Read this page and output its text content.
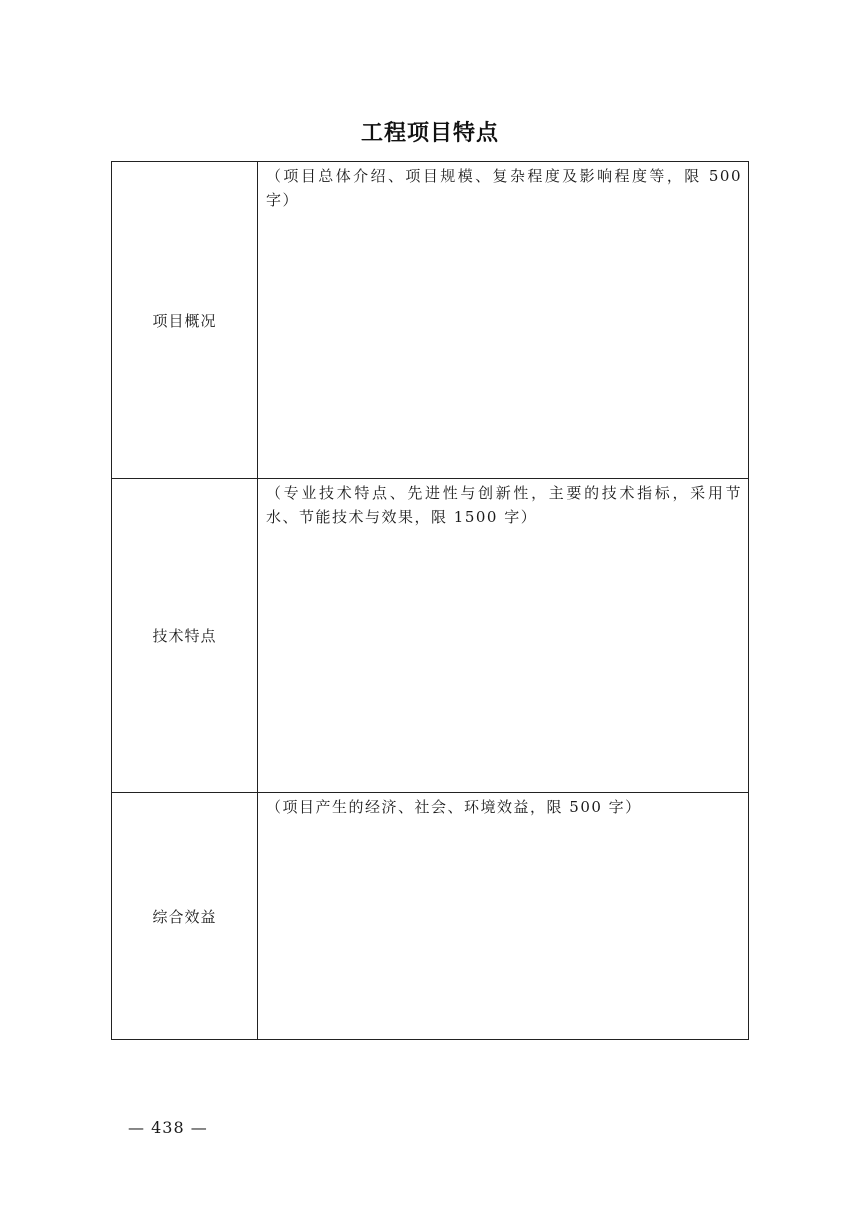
工程项目特点
项目概况	（项目总体介绍、项目规模、复杂程度及影响程度等，限 500 字）
技术特点	（专业技术特点、先进性与创新性，主要的技术指标，采用节水、节能技术与效果，限 1500 字）
综合效益	（项目产生的经济、社会、环境效益，限 500 字）
— 438 —
